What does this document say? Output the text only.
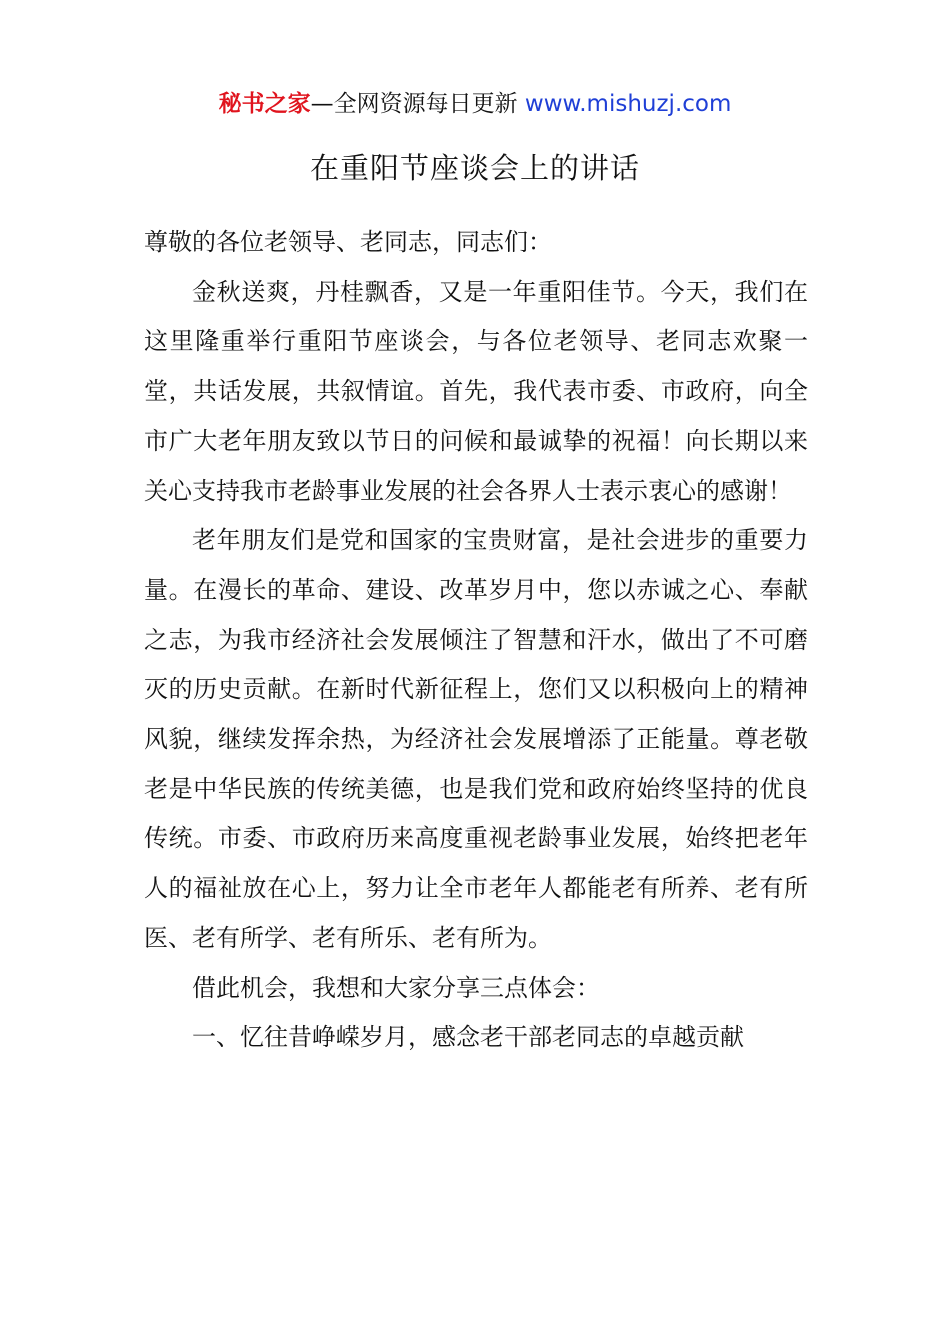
秘书之家—全网资源每日更新 www.mishuzj.com
在重阳节座谈会上的讲话

尊敬的各位老领导、老同志，同志们：

金秋送爽，丹桂飘香，又是一年重阳佳节。今天，我们在这里隆重举行重阳节座谈会，与各位老领导、老同志欢聚一堂，共话发展，共叙情谊。首先，我代表市委、市政府，向全市广大老年朋友致以节日的问候和最诚挚的祝福！向长期以来关心支持我市老龄事业发展的社会各界人士表示衷心的感谢！

老年朋友们是党和国家的宝贵财富，是社会进步的重要力量。在漫长的革命、建设、改革岁月中，您以赤诚之心、奉献之志，为我市经济社会发展倾注了智慧和汗水，做出了不可磨灭的历史贡献。在新时代新征程上，您们又以积极向上的精神风貌，继续发挥余热，为经济社会发展增添了正能量。尊老敬老是中华民族的传统美德，也是我们党和政府始终坚持的优良传统。市委、市政府历来高度重视老龄事业发展，始终把老年人的福祉放在心上，努力让全市老年人都能老有所养、老有所医、老有所学、老有所乐、老有所为。

借此机会，我想和大家分享三点体会：

一、忆往昔峥嵘岁月，感念老干部老同志的卓越贡献
